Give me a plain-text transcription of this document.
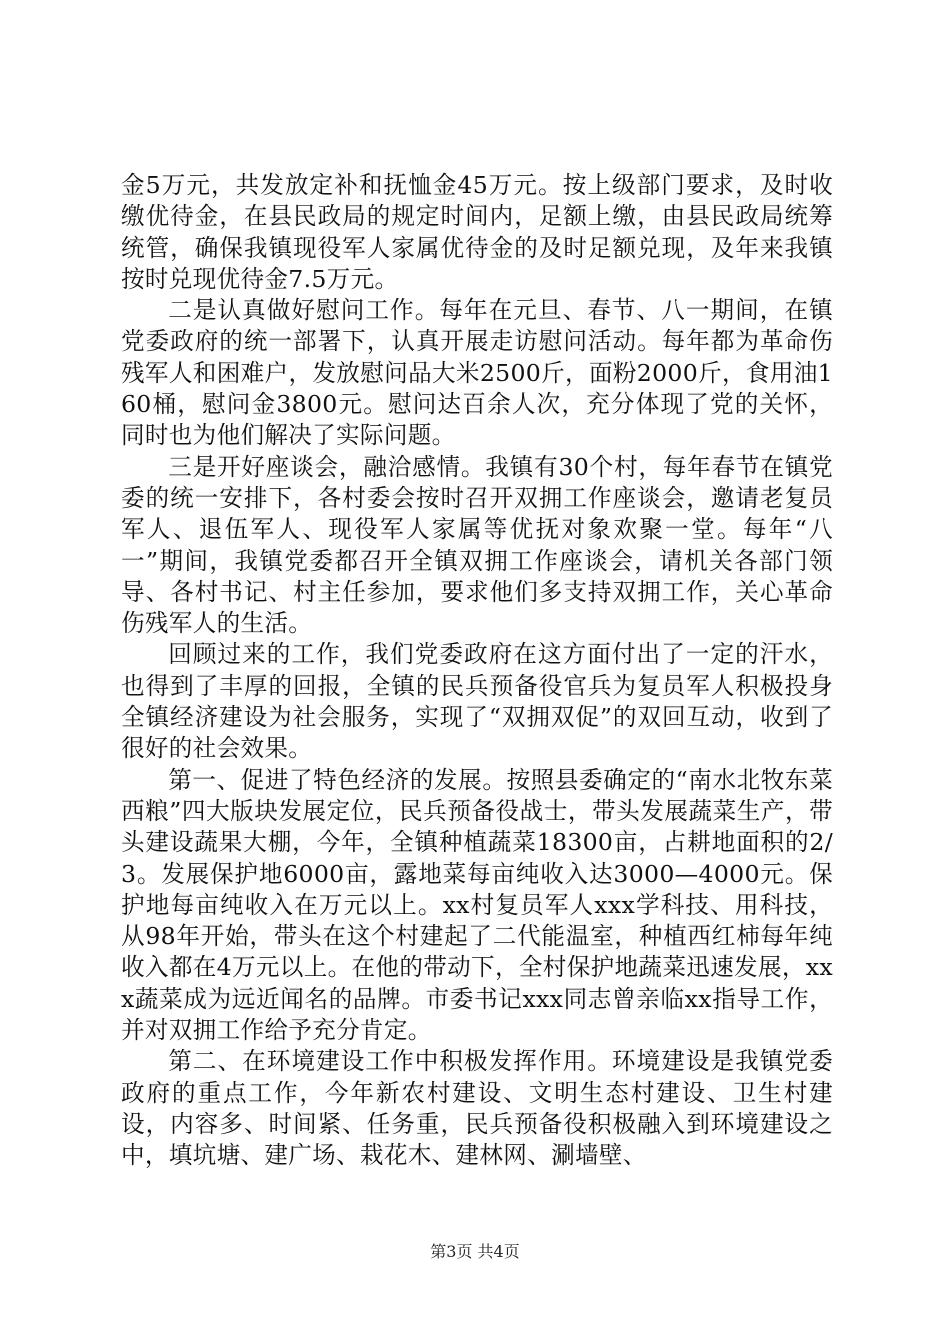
金5万元，共发放定补和抚恤金45万元。按上级部门要求，及时收缴优待金，在县民政局的规定时间内，足额上缴，由县民政局统筹统管，确保我镇现役军人家属优待金的及时足额兑现，及年来我镇按时兑现优待金7.5万元。

二是认真做好慰问工作。每年在元旦、春节、八一期间，在镇党委政府的统一部署下，认真开展走访慰问活动。每年都为革命伤残军人和困难户，发放慰问品大米2500斤，面粉2000斤，食用油160桶，慰问金3800元。慰问达百余人次，充分体现了党的关怀，同时也为他们解决了实际问题。

三是开好座谈会，融洽感情。我镇有30个村，每年春节在镇党委的统一安排下，各村委会按时召开双拥工作座谈会，邀请老复员军人、退伍军人、现役军人家属等优抚对象欢聚一堂。每年“八一”期间，我镇党委都召开全镇双拥工作座谈会，请机关各部门领导、各村书记、村主任参加，要求他们多支持双拥工作，关心革命伤残军人的生活。

回顾过来的工作，我们党委政府在这方面付出了一定的汗水，也得到了丰厚的回报，全镇的民兵预备役官兵为复员军人积极投身全镇经济建设为社会服务，实现了“双拥双促”的双回互动，收到了很好的社会效果。

第一、促进了特色经济的发展。按照县委确定的“南水北牧东菜西粮”四大版块发展定位，民兵预备役战士，带头发展蔬菜生产，带头建设蔬果大棚，今年，全镇种植蔬菜18300亩，占耕地面积的2/3。发展保护地6000亩，露地菜每亩纯收入达3000—4000元。保护地每亩纯收入在万元以上。xx村复员军人xxx学科技、用科技，从98年开始，带头在这个村建起了二代能温室，种植西红柿每年纯收入都在4万元以上。在他的带动下，全村保护地蔬菜迅速发展，xxx蔬菜成为远近闻名的品牌。市委书记xxx同志曾亲临xx指导工作，并对双拥工作给予充分肯定。

第二、在环境建设工作中积极发挥作用。环境建设是我镇党委政府的重点工作，今年新农村建设、文明生态村建设、卫生村建设，内容多、时间紧、任务重，民兵预备役积极融入到环境建设之中，填坑塘、建广场、栽花木、建林网、涮墙壁、

第3页 共4页
